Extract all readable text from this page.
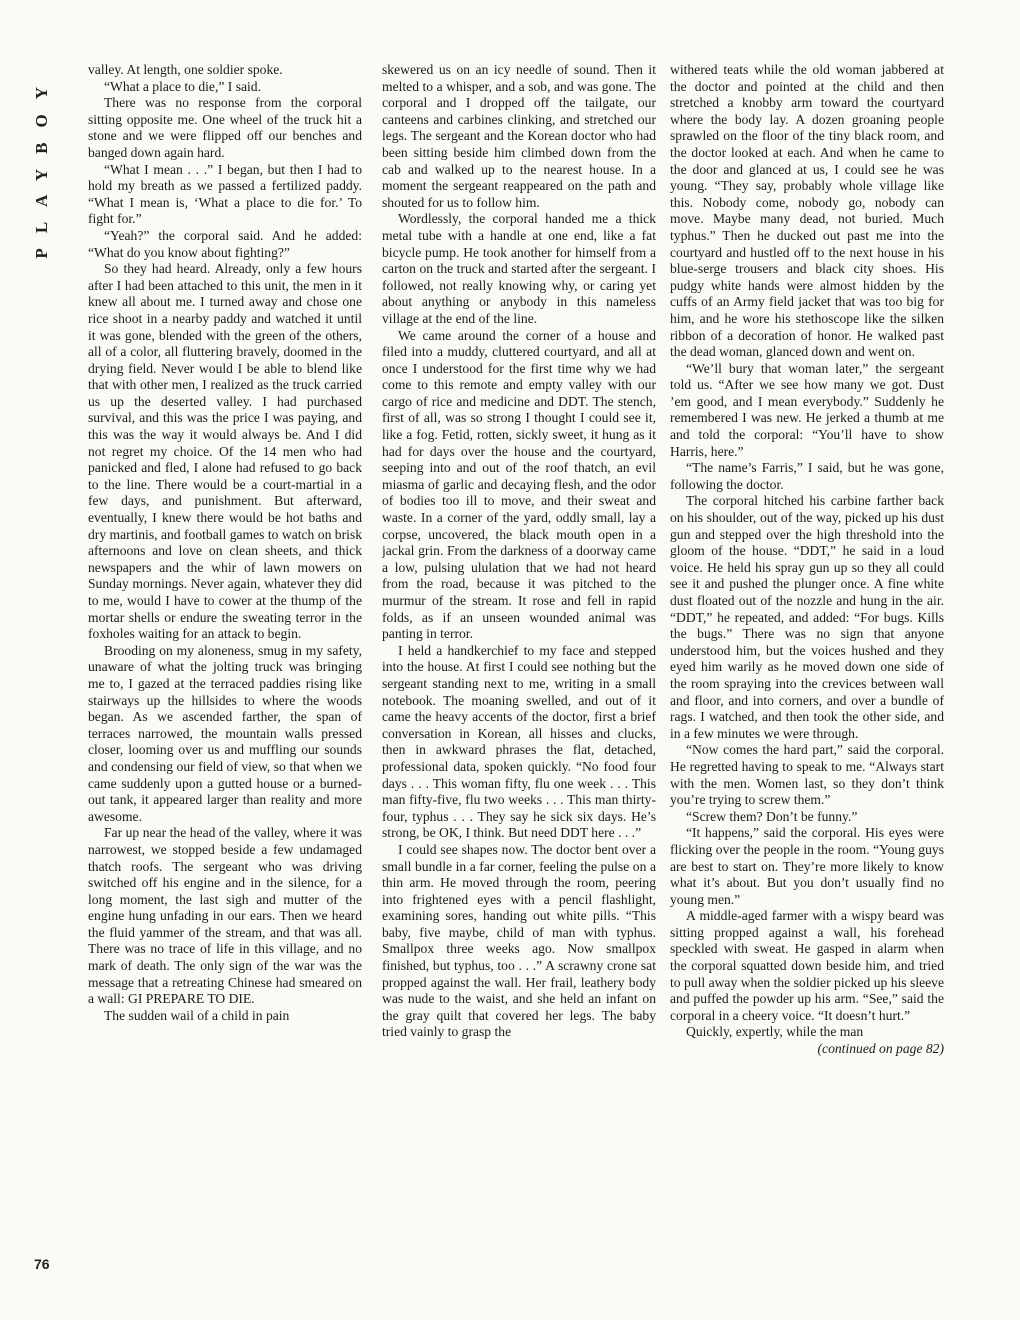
PLAYBOY
76

valley. At length, one soldier spoke.

“What a place to die,” I said.

There was no response from the corporal sitting opposite me. One wheel of the truck hit a stone and we were flipped off our benches and banged down again hard.

“What I mean . . .” I began, but then I had to hold my breath as we passed a fertilized paddy. “What I mean is, ‘What a place to die for.’ To fight for.”

“Yeah?” the corporal said. And he added: “What do you know about fighting?”

So they had heard. Already, only a few hours after I had been attached to this unit, the men in it knew all about me. I turned away and chose one rice shoot in a nearby paddy and watched it until it was gone, blended with the green of the others, all of a color, all fluttering bravely, doomed in the drying field. Never would I be able to blend like that with other men, I realized as the truck carried us up the deserted valley. I had purchased survival, and this was the price I was paying, and this was the way it would always be. And I did not regret my choice. Of the 14 men who had panicked and fled, I alone had refused to go back to the line. There would be a court-martial in a few days, and punishment. But afterward, eventually, I knew there would be hot baths and dry martinis, and football games to watch on brisk afternoons and love on clean sheets, and thick newspapers and the whir of lawn mowers on Sunday mornings. Never again, whatever they did to me, would I have to cower at the thump of the mortar shells or endure the sweating terror in the foxholes waiting for an attack to begin.

Brooding on my aloneness, smug in my safety, unaware of what the jolting truck was bringing me to, I gazed at the terraced paddies rising like stairways up the hillsides to where the woods began. As we ascended farther, the span of terraces narrowed, the mountain walls pressed closer, looming over us and muffling our sounds and condensing our field of view, so that when we came suddenly upon a gutted house or a burned-out tank, it appeared larger than reality and more awesome.

Far up near the head of the valley, where it was narrowest, we stopped beside a few undamaged thatch roofs. The sergeant who was driving switched off his engine and in the silence, for a long moment, the last sigh and mutter of the engine hung unfading in our ears. Then we heard the fluid yammer of the stream, and that was all. There was no trace of life in this village, and no mark of death. The only sign of the war was the message that a retreating Chinese had smeared on a wall: GI PREPARE TO DIE.

The sudden wail of a child in pain

skewered us on an icy needle of sound. Then it melted to a whisper, and a sob, and was gone. The corporal and I dropped off the tailgate, our canteens and carbines clinking, and stretched our legs. The sergeant and the Korean doctor who had been sitting beside him climbed down from the cab and walked up to the nearest house. In a moment the sergeant reappeared on the path and shouted for us to follow him.

Wordlessly, the corporal handed me a thick metal tube with a handle at one end, like a fat bicycle pump. He took another for himself from a carton on the truck and started after the sergeant. I followed, not really knowing why, or caring yet about anything or anybody in this nameless village at the end of the line.

We came around the corner of a house and filed into a muddy, cluttered courtyard, and all at once I understood for the first time why we had come to this remote and empty valley with our cargo of rice and medicine and DDT. The stench, first of all, was so strong I thought I could see it, like a fog. Fetid, rotten, sickly sweet, it hung as it had for days over the house and the courtyard, seeping into and out of the roof thatch, an evil miasma of garlic and decaying flesh, and the odor of bodies too ill to move, and their sweat and waste. In a corner of the yard, oddly small, lay a corpse, uncovered, the black mouth open in a jackal grin. From the darkness of a doorway came a low, pulsing ululation that we had not heard from the road, because it was pitched to the murmur of the stream. It rose and fell in rapid folds, as if an unseen wounded animal was panting in terror.

I held a handkerchief to my face and stepped into the house. At first I could see nothing but the sergeant standing next to me, writing in a small notebook. The moaning swelled, and out of it came the heavy accents of the doctor, first a brief conversation in Korean, all hisses and clucks, then in awkward phrases the flat, detached, professional data, spoken quickly. “No food four days . . . This woman fifty, flu one week . . . This man fifty-five, flu two weeks . . . This man thirty-four, typhus . . . They say he sick six days. He’s strong, be OK, I think. But need DDT here . . .”

I could see shapes now. The doctor bent over a small bundle in a far corner, feeling the pulse on a thin arm. He moved through the room, peering into frightened eyes with a pencil flashlight, examining sores, handing out white pills. “This baby, five maybe, child of man with typhus. Smallpox three weeks ago. Now smallpox finished, but typhus, too . . .” A scrawny crone sat propped against the wall. Her frail, leathery body was nude to the waist, and she held an infant on the gray quilt that covered her legs. The baby tried vainly to grasp the

withered teats while the old woman jabbered at the doctor and pointed at the child and then stretched a knobby arm toward the courtyard where the body lay. A dozen groaning people sprawled on the floor of the tiny black room, and the doctor looked at each. And when he came to the door and glanced at us, I could see he was young. “They say, probably whole village like this. Nobody come, nobody go, nobody can move. Maybe many dead, not buried. Much typhus.” Then he ducked out past me into the courtyard and hustled off to the next house in his blue-serge trousers and black city shoes. His pudgy white hands were almost hidden by the cuffs of an Army field jacket that was too big for him, and he wore his stethoscope like the silken ribbon of a decoration of honor. He walked past the dead woman, glanced down and went on.

“We’ll bury that woman later,” the sergeant told us. “After we see how many we got. Dust ’em good, and I mean everybody.” Suddenly he remembered I was new. He jerked a thumb at me and told the corporal: “You’ll have to show Harris, here.”

“The name’s Farris,” I said, but he was gone, following the doctor.

The corporal hitched his carbine farther back on his shoulder, out of the way, picked up his dust gun and stepped over the high threshold into the gloom of the house. “DDT,” he said in a loud voice. He held his spray gun up so they all could see it and pushed the plunger once. A fine white dust floated out of the nozzle and hung in the air. “DDT,” he repeated, and added: “For bugs. Kills the bugs.” There was no sign that anyone understood him, but the voices hushed and they eyed him warily as he moved down one side of the room spraying into the crevices between wall and floor, and into corners, and over a bundle of rags. I watched, and then took the other side, and in a few minutes we were through.

“Now comes the hard part,” said the corporal. He regretted having to speak to me. “Always start with the men. Women last, so they don’t think you’re trying to screw them.”

“Screw them? Don’t be funny.”

“It happens,” said the corporal. His eyes were flicking over the people in the room. “Young guys are best to start on. They’re more likely to know what it’s about. But you don’t usually find no young men.”

A middle-aged farmer with a wispy beard was sitting propped against a wall, his forehead speckled with sweat. He gasped in alarm when the corporal squatted down beside him, and tried to pull away when the soldier picked up his sleeve and puffed the powder up his arm. “See,” said the corporal in a cheery voice. “It doesn’t hurt.”

Quickly, expertly, while the man

(continued on page 82)
